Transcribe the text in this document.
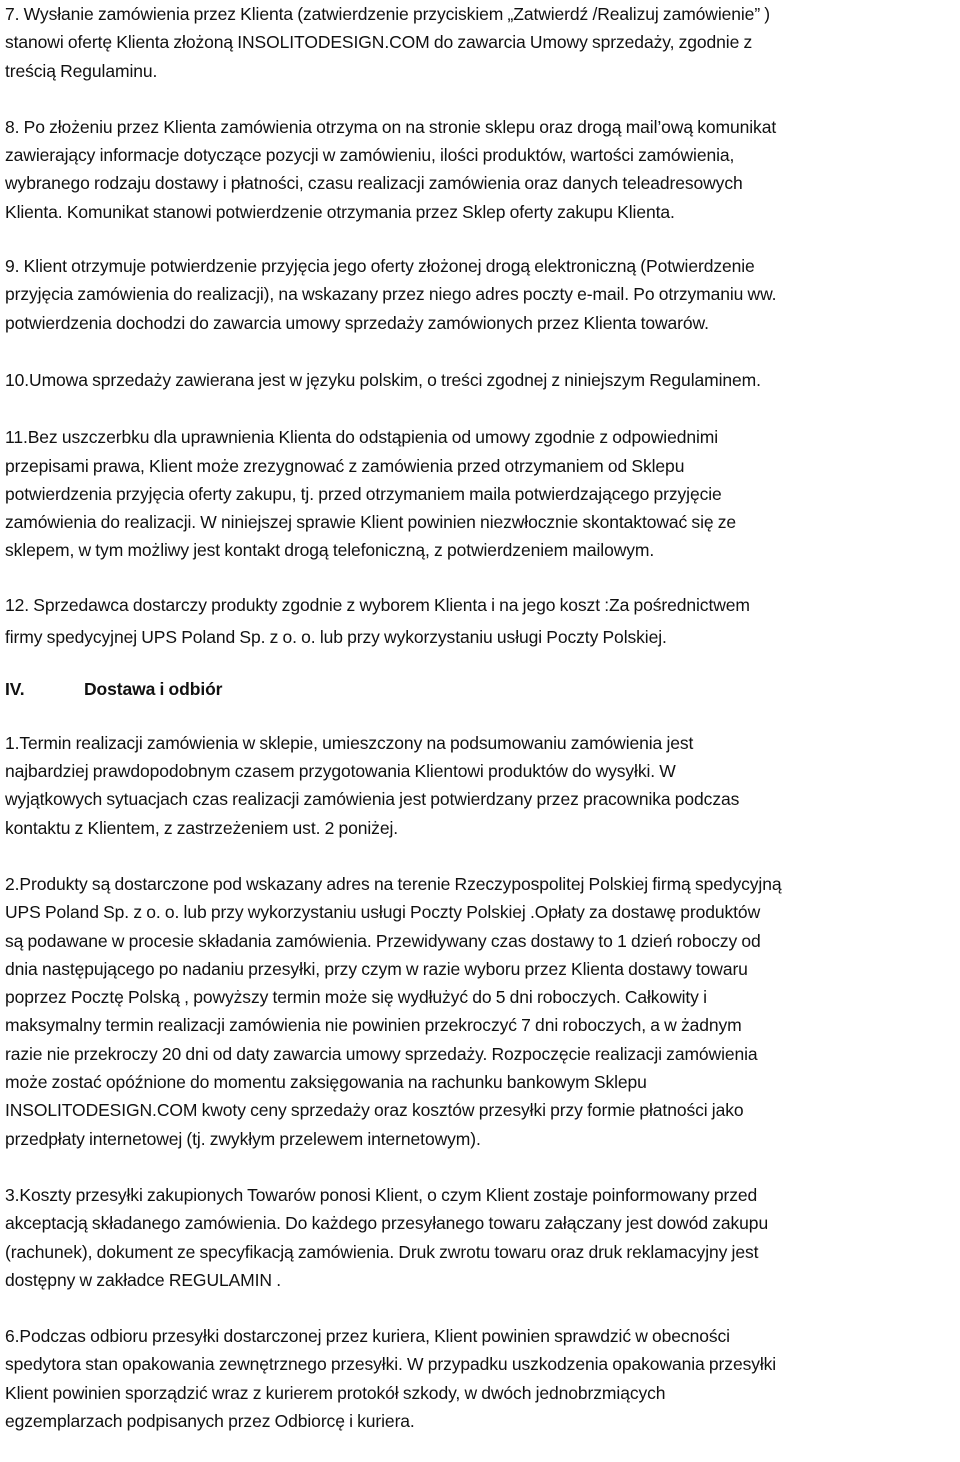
7. Wysłanie zamówienia przez Klienta (zatwierdzenie przyciskiem „Zatwierdź /Realizuj zamówienie” )
stanowi ofertę Klienta złożoną INSOLITODESIGN.COM do zawarcia Umowy sprzedaży, zgodnie z
treścią Regulaminu.

8. Po złożeniu przez Klienta zamówienia otrzyma on na stronie sklepu oraz drogą mail’ową komunikat
zawierający informacje dotyczące pozycji w zamówieniu, ilości produktów, wartości zamówienia,
wybranego rodzaju dostawy i płatności, czasu realizacji zamówienia oraz danych teleadresowych
Klienta. Komunikat stanowi potwierdzenie otrzymania przez Sklep oferty zakupu Klienta.

9. Klient otrzymuje potwierdzenie przyjęcia jego oferty złożonej drogą elektroniczną (Potwierdzenie
przyjęcia zamówienia do realizacji), na wskazany przez niego adres poczty e-mail. Po otrzymaniu ww.
potwierdzenia dochodzi do zawarcia umowy sprzedaży zamówionych przez Klienta towarów.

10.Umowa sprzedaży zawierana jest w języku polskim, o treści zgodnej z niniejszym Regulaminem.

11.Bez uszczerbku dla uprawnienia Klienta do odstąpienia od umowy zgodnie z odpowiednimi
przepisami prawa, Klient może zrezygnować z zamówienia przed otrzymaniem od Sklepu
potwierdzenia przyjęcia oferty zakupu, tj. przed otrzymaniem maila potwierdzającego przyjęcie
zamówienia do realizacji. W niniejszej sprawie Klient powinien niezwłocznie skontaktować się ze
sklepem, w tym możliwy jest kontakt drogą telefoniczną, z potwierdzeniem mailowym.

12. Sprzedawca dostarczy produkty zgodnie z wyborem Klienta i na jego koszt :Za pośrednictwem
firmy spedycyjnej UPS Poland Sp. z o. o. lub przy wykorzystaniu usługi Poczty Polskiej.

IV.	Dostawa i odbiór

1.Termin realizacji zamówienia w sklepie, umieszczony na podsumowaniu zamówienia jest
najbardziej prawdopodobnym czasem przygotowania Klientowi produktów do wysyłki. W
wyjątkowych sytuacjach czas realizacji zamówienia jest potwierdzany przez pracownika podczas
kontaktu z Klientem, z zastrzeżeniem ust. 2 poniżej.

2.Produkty są dostarczone pod wskazany adres na terenie Rzeczypospolitej Polskiej firmą spedycyjną
UPS Poland Sp. z o. o. lub przy wykorzystaniu usługi Poczty Polskiej .Opłaty za dostawę produktów
są podawane w procesie składania zamówienia. Przewidywany czas dostawy to 1 dzień roboczy od
dnia następującego po nadaniu przesyłki, przy czym w razie wyboru przez Klienta dostawy towaru
poprzez Pocztę Polską , powyższy termin może się wydłużyć do 5 dni roboczych. Całkowity i
maksymalny termin realizacji zamówienia nie powinien przekroczyć 7 dni roboczych, a w żadnym
razie nie przekroczy 20 dni od daty zawarcia umowy sprzedaży. Rozpoczęcie realizacji zamówienia
może zostać opóźnione do momentu zaksięgowania na rachunku bankowym Sklepu
INSOLITODESIGN.COM kwoty ceny sprzedaży oraz kosztów przesyłki przy formie płatności jako
przedpłaty internetowej (tj. zwykłym przelewem internetowym).

3.Koszty przesyłki zakupionych Towarów ponosi Klient, o czym Klient zostaje poinformowany przed
akceptacją składanego zamówienia. Do każdego przesyłanego towaru załączany jest dowód zakupu
(rachunek), dokument ze specyfikacją zamówienia. Druk zwrotu towaru oraz druk reklamacyjny jest
dostępny w zakładce REGULAMIN .

6.Podczas odbioru przesyłki dostarczonej przez kuriera, Klient powinien sprawdzić w obecności
spedytora stan opakowania zewnętrznego przesyłki. W przypadku uszkodzenia opakowania przesyłki
Klient powinien sporządzić wraz z kurierem protokół szkody, w dwóch jednobrzmiących
egzemplarzach podpisanych przez Odbiorcę i kuriera.
